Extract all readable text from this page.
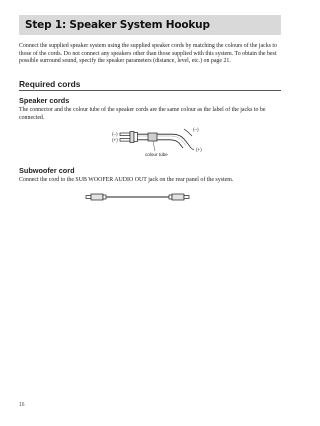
Step 1: Speaker System Hookup

Connect the supplied speaker system using the supplied speaker cords by matching the colours of the jacks to those of the cords. Do not connect any speakers other than those supplied with this system. To obtain the best possible surround sound, specify the speaker parameters (distance, level, etc.) on page 21.

Required cords
Speaker cords

The connector and the colour tube of the speaker cords are the same colour as the label of the jacks to be connected.

(–)
(+)
(–)
(+)
colour tube
Subwoofer cord

Connect the cord to the SUB WOOFER AUDIO OUT jack on the rear panel of the system.

16
